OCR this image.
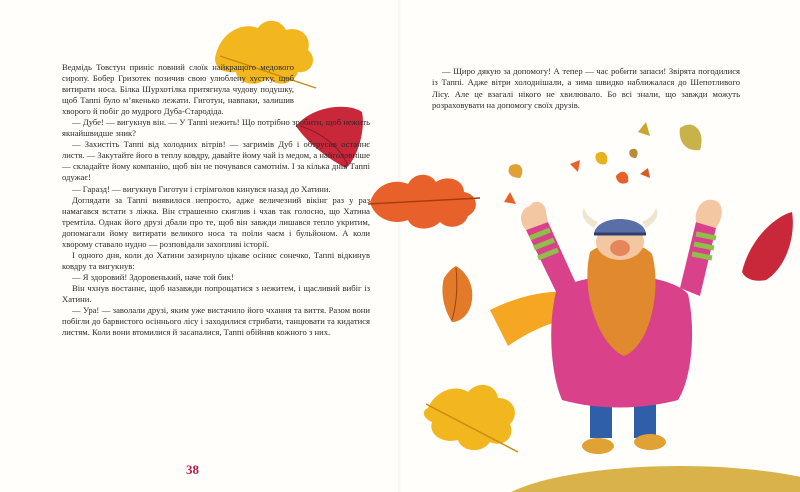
Ведмідь Товстун приніс повний слоїк найкращого медового сиропу. Бобер Гризотек позичив свою улюблену хустку, щоб витирати носа. Білка Шурхотілка притягнула чудову подушку, щоб Таппі було м’якенько лежати. Гиготун, навпаки, залишив хворого й побіг до мудрого Дуба-Стародіда.

— Дубе! — вигукнув він. — У Таппі нежить! Що потрібно зробити, щоб нежить якнайшвидше зник?

— Захистіть Таппі від холодних вітрів! — загримів Дуб і обтрусив останнє листя. — Закутайте його в теплу ковдру, давайте йому чай із медом, а найголовніше — складайте йому компанію, щоб він не почувався самотнім. І за кілька днів Таппі одужає!

— Гаразд! — вигукнув Гиготун і стрімголов кинувся назад до Хатини.

Доглядати за Таппі виявилося непросто, адже величезний вікінг раз у раз намагався встати з ліжка. Він страшенно скиглив і чхав так голосно, що Хатина тремтіла. Однак його друзі дбали про те, щоб він завжди лишався тепло укритим, допомагали йому витирати великого носа та поїли чаєм і бульйоном. А коли хворому ставало нудно — розповідали захопливі історії.

І одного дня, коли до Хатини зазирнуло цікаве осіннє сонечко, Таппі відкинув ковдру та вигукнув:

— Я здоровий! Здоровенький, наче той бик!

Він чхнув востаннє, щоб назавжди попрощатися з нежитем, і щасливий вибіг із Хатини.

— Ура! — заволали друзі, яким уже вистачило його чхання та виття. Разом вони побігли до барвистого осіннього лісу і заходилися стрибати, танцювати та кидатися листям. Коли вони втомилися й засапалися, Таппі обійняв кожного з них.

38

— Щиро дякую за допомогу! А тепер — час робити запаси! Звірята погодилися із Таппі. Адже вітри холоднішали, а зима швидко наближалася до Шепотливого Лісу. Але це взагалі нікого не хвилювало. Бо всі знали, що завжди можуть розраховувати на допомогу своїх друзів.
